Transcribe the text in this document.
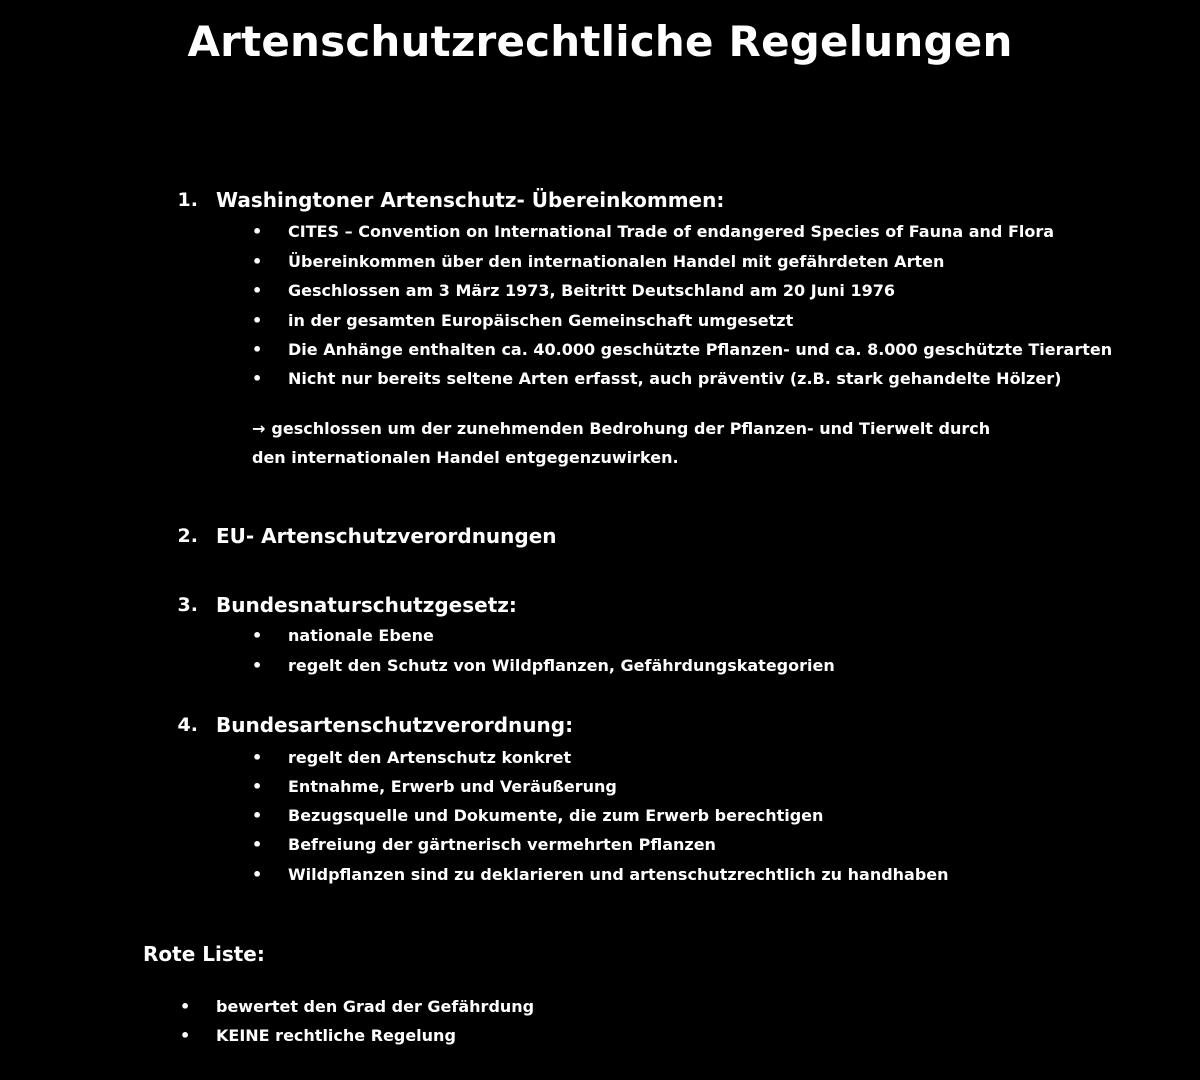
Artenschutzrechtliche Regelungen
1. Washingtoner Artenschutz- Übereinkommen:
• CITES – Convention on International Trade of endangered Species of Fauna and Flora
• Übereinkommen über den internationalen Handel mit gefährdeten Arten
• Geschlossen am 3 März 1973, Beitritt Deutschland am 20 Juni 1976
• in der gesamten Europäischen Gemeinschaft umgesetzt
• Die Anhänge enthalten ca. 40.000 geschützte Pflanzen- und ca. 8.000 geschützte Tierarten
• Nicht nur bereits seltene Arten erfasst, auch präventiv (z.B. stark gehandelte Hölzer)
→ geschlossen um der zunehmenden Bedrohung der Pflanzen- und Tierwelt durch den internationalen Handel entgegenzuwirken.
2. EU- Artenschutzverordnungen
3. Bundesnaturschutzgesetz:
• nationale Ebene
• regelt den Schutz von Wildpflanzen, Gefährdungskategorien
4. Bundesartenschutzverordnung:
• regelt den Artenschutz konkret
• Entnahme, Erwerb und Veräußerung
• Bezugsquelle und Dokumente, die zum Erwerb berechtigen
• Befreiung der gärtnerisch vermehrten Pflanzen
• Wildpflanzen sind zu deklarieren und artenschutzrechtlich zu handhaben
Rote Liste:
• bewertet den Grad der Gefährdung
• KEINE rechtliche Regelung
